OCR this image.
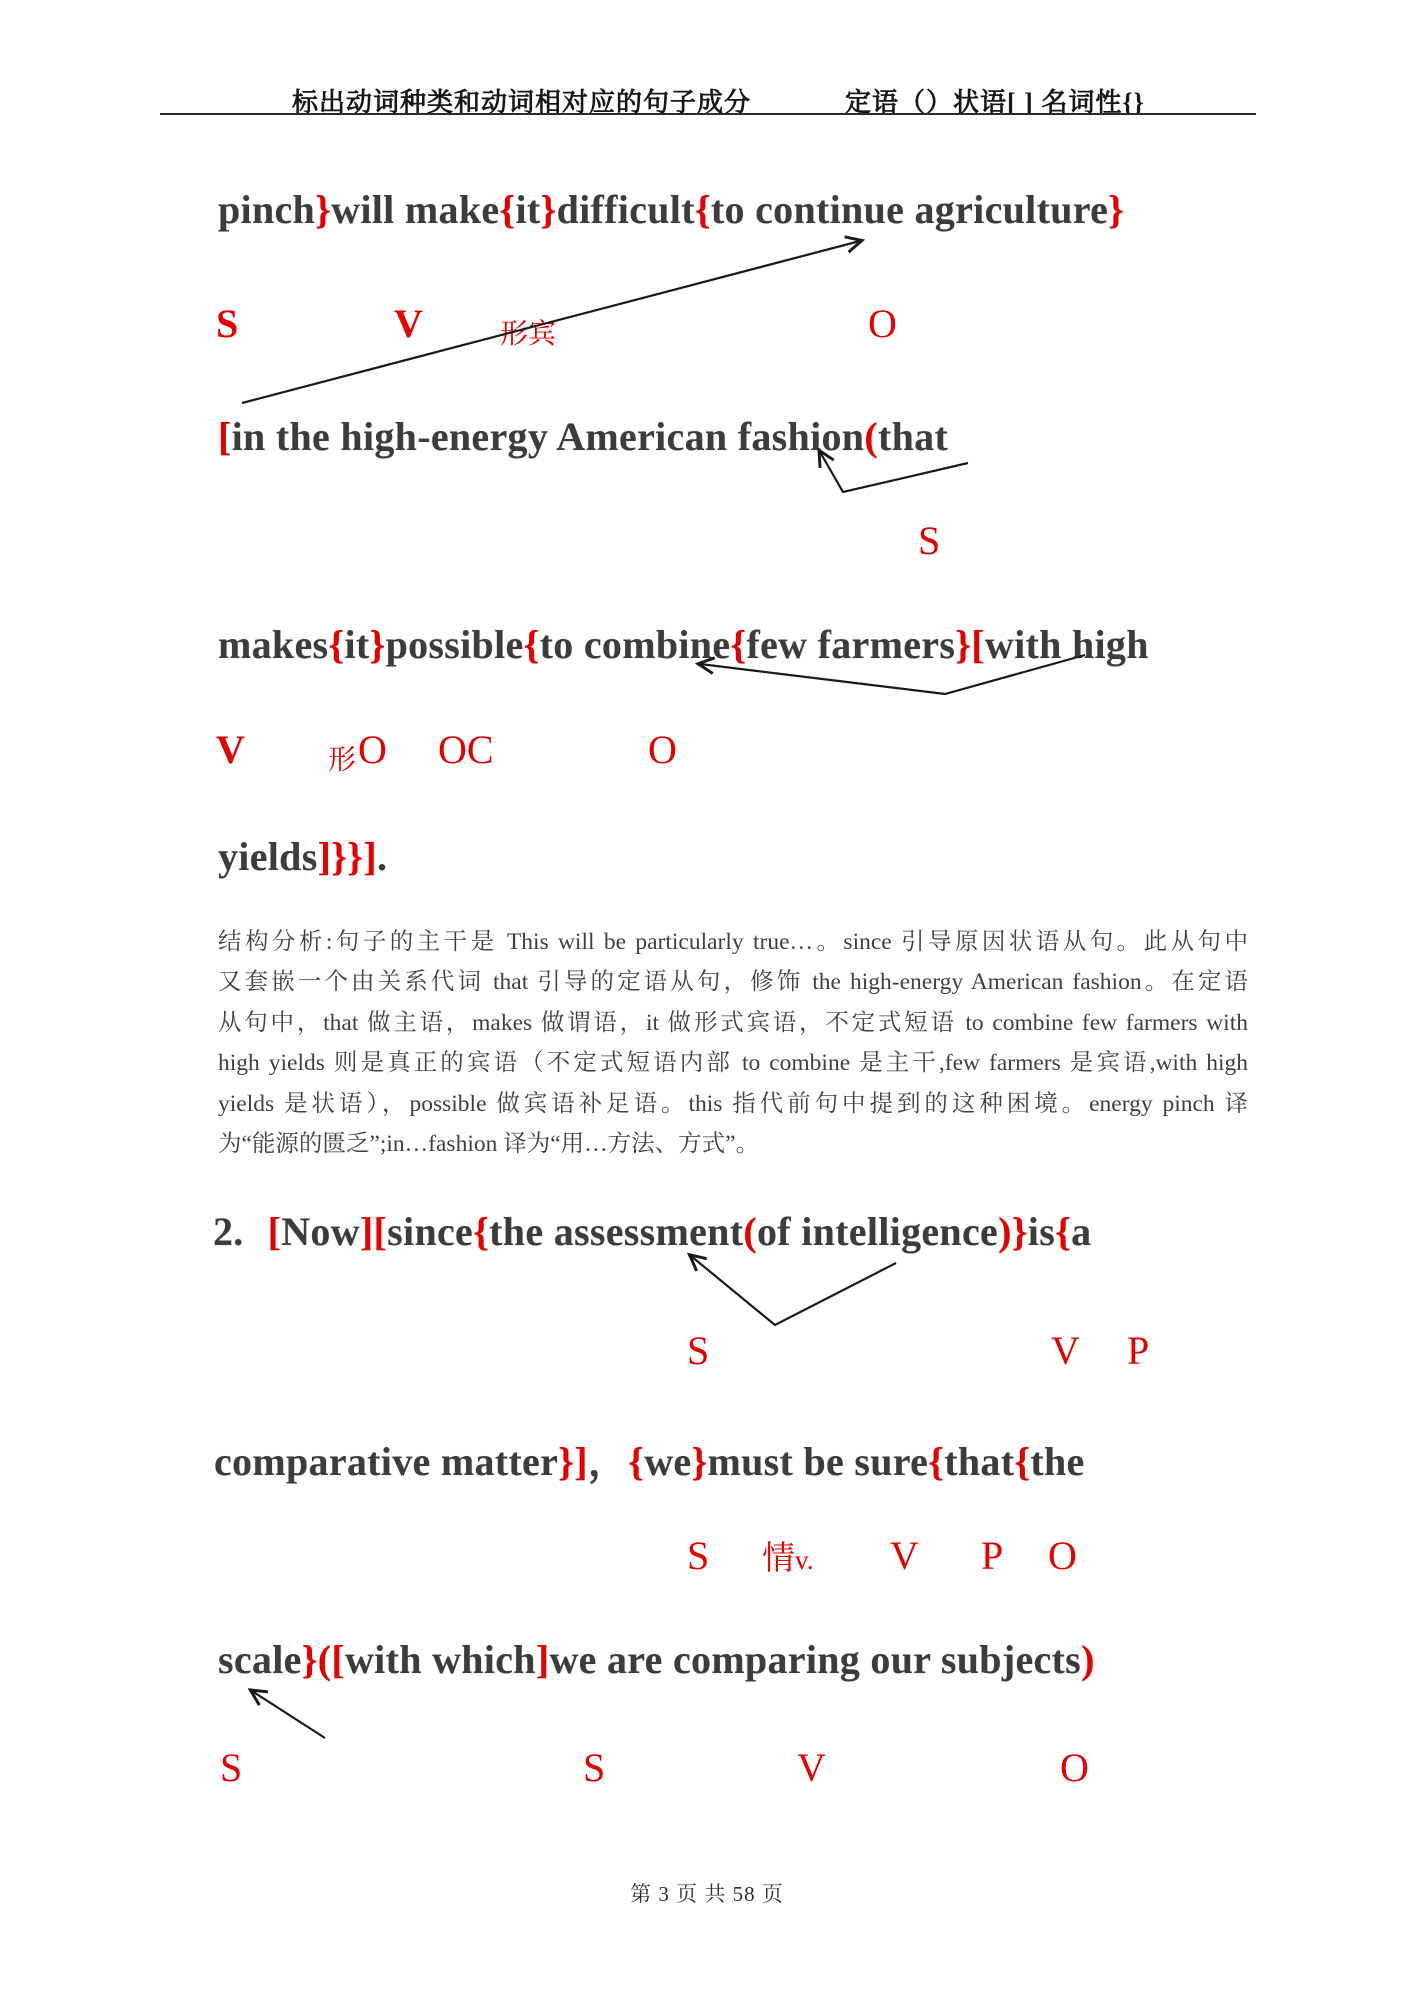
标出动词种类和动词相对应的句子成分	定语（）状语[ ] 名词性{}
pinch}will make{it}difficult{to continue agriculture}
S	V	形宾	O
[in the high-energy American fashion(that
S
makes{it}possible{to combine{few farmers}[with high
V	形 O OC	O
yields]}}].
结构分析:句子的主干是 This will be particularly true…。since 引导原因状语从句。此从句中
又套嵌一个由关系代词 that 引导的定语从句，修饰 the high-energy American fashion。在定语
从句中，that 做主语，makes 做谓语，it 做形式宾语，不定式短语 to combine few farmers with
high yields 则是真正的宾语（不定式短语内部 to combine 是主干,few farmers 是宾语,with high
yields 是状语），possible 做宾语补足语。this 指代前句中提到的这种困境。energy pinch 译
为“能源的匮乏”;in…fashion 译为“用…方法、方式”。
2. [Now][since{the assessment(of intelligence)}is{a
S	V P
comparative matter}]，{we}must be sure{that{the
S 情v. V P O
scale}([with which]we are comparing our subjects)
S	S	V	O
第 3 页 共 58 页
